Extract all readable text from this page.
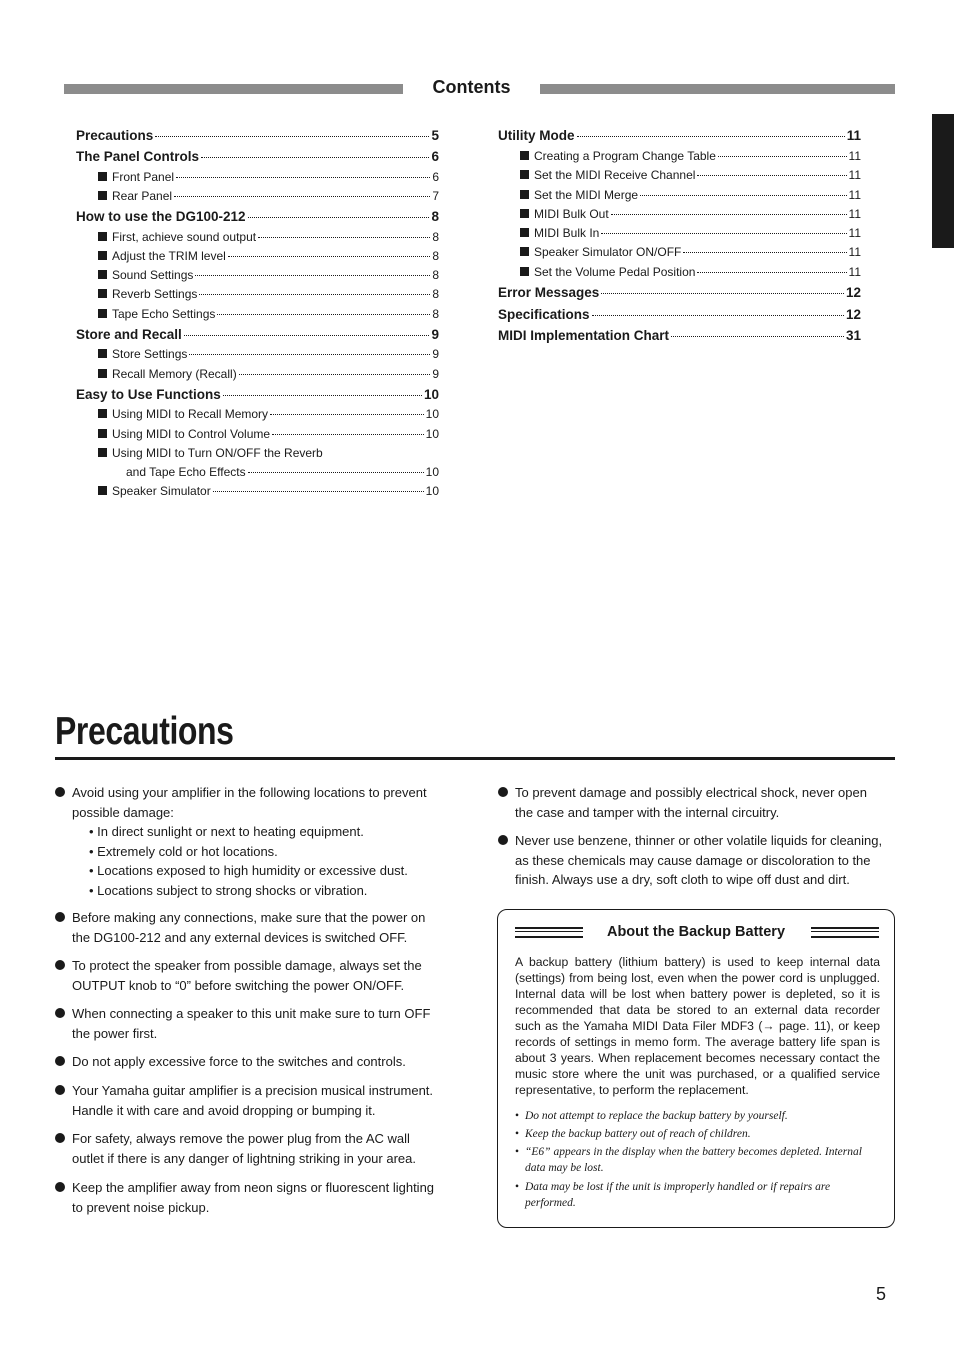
Contents
Precautions	5
The Panel Controls	6
Front Panel	6
Rear Panel	7
How to use the DG100-212	8
First, achieve sound output	8
Adjust the TRIM level	8
Sound Settings	8
Reverb Settings	8
Tape Echo Settings	8
Store and Recall	9
Store Settings	9
Recall Memory (Recall)	9
Easy to Use Functions	10
Using MIDI to Recall Memory	10
Using MIDI to Control Volume	10
Using MIDI to Turn ON/OFF the Reverb
and Tape Echo Effects	10
Speaker Simulator	10
Utility Mode	11
Creating a Program Change Table	11
Set the MIDI Receive Channel	11
Set the MIDI Merge	11
MIDI Bulk Out	11
MIDI Bulk In	11
Speaker Simulator ON/OFF	11
Set the Volume Pedal Position	11
Error Messages	12
Specifications	12
MIDI Implementation Chart	31
Precautions
Avoid using your amplifier in the following locations to prevent
possible damage:
• In direct sunlight or next to heating equipment.
• Extremely cold or hot locations.
• Locations exposed to high humidity or excessive dust.
• Locations subject to strong shocks or vibration.
Before making any connections, make sure that the power on
the DG100-212 and any external devices is switched OFF.
To protect the speaker from possible damage, always set the
OUTPUT knob to “0” before switching the power ON/OFF.
When connecting a speaker to this unit make sure to turn OFF
the power first.
Do not apply excessive force to the switches and controls.
Your Yamaha guitar amplifier is a precision musical instrument.
Handle it with care and avoid dropping or bumping it.
For safety, always remove the power plug from the AC wall
outlet if there is any danger of lightning striking in your area.
Keep the amplifier away from neon signs or fluorescent lighting
to prevent noise pickup.
To prevent damage and possibly electrical shock, never open
the case and tamper with the internal circuitry.
Never use benzene, thinner or other volatile liquids for cleaning,
as these chemicals may cause damage or discoloration to the
finish. Always use a dry, soft cloth to wipe off dust and dirt.
About the Backup Battery
A backup battery (lithium battery) is used to keep internal data (settings) from being lost, even when the power cord is unplugged. Internal data will be lost when battery power is depleted, so it is recommended that data be stored to an external data recorder such as the Yamaha MIDI Data Filer MDF3 (→ page. 11), or keep records of settings in memo form. The average battery life span is about 3 years. When replacement becomes necessary contact the music store where the unit was purchased, or a qualified service representative, to perform the replacement.
• Do not attempt to replace the backup battery by yourself.
• Keep the backup battery out of reach of children.
• “E6” appears in the display when the battery becomes depleted. Internal data may be lost.
• Data may be lost if the unit is improperly handled or if repairs are performed.
5
